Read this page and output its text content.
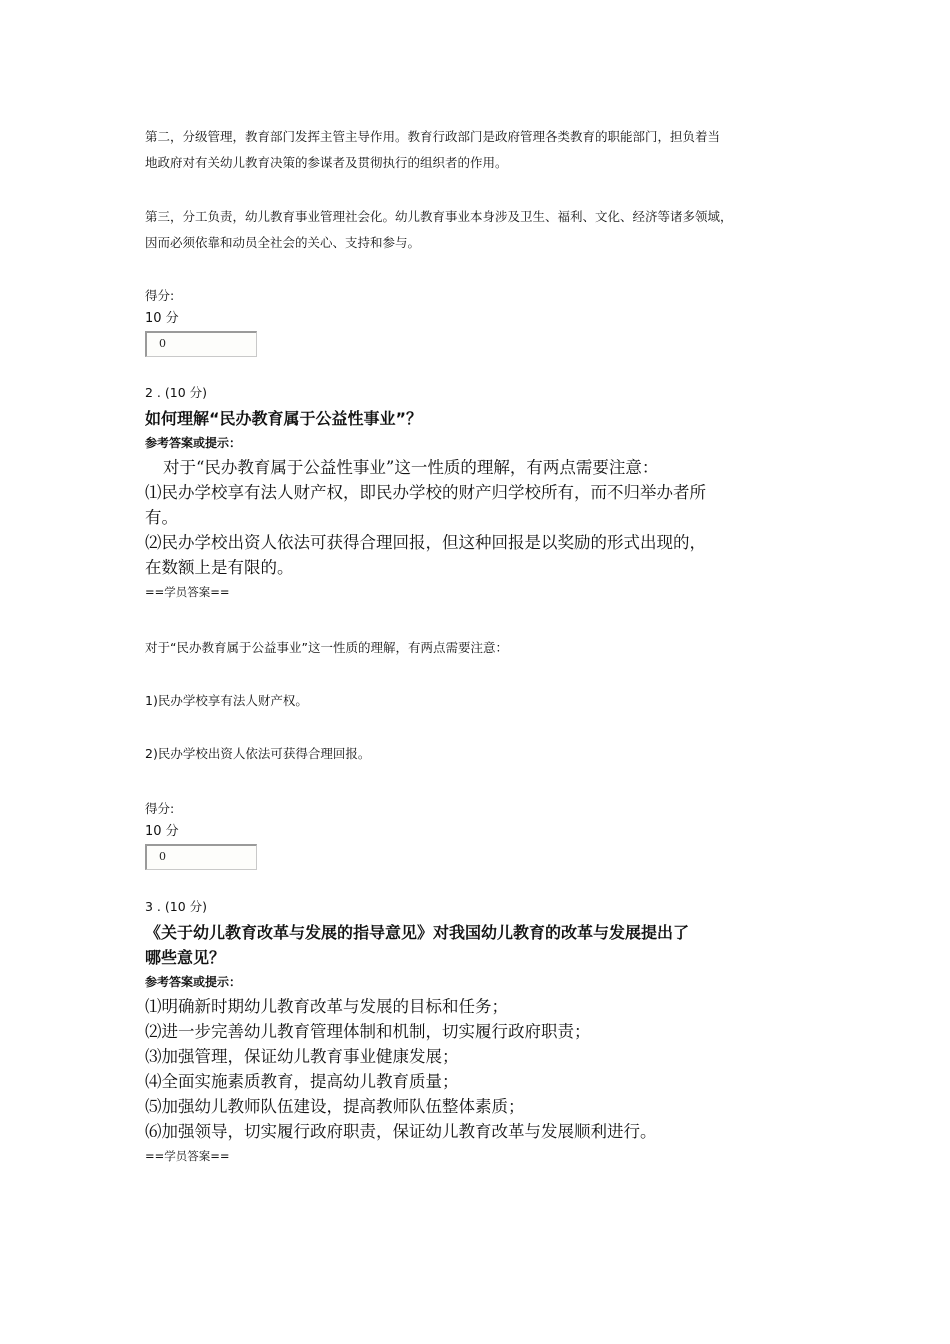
第二，分级管理，教育部门发挥主管主导作用。教育行政部门是政府管理各类教育的职能部门，担负着当
地政府对有关幼儿教育决策的参谋者及贯彻执行的组织者的作用。
第三，分工负责，幼儿教育事业管理社会化。幼儿教育事业本身涉及卫生、福利、文化、经济等诸多领域，
因而必须依靠和动员全社会的关心、支持和参与。
得分:
10 分
0
2 . (10 分)
如何理解“民办教育属于公益性事业”？
参考答案或提示：
对于“民办教育属于公益性事业”这一性质的理解，有两点需要注意：
⑴民办学校享有法人财产权，即民办学校的财产归学校所有，而不归举办者所
有。
⑵民办学校出资人依法可获得合理回报，但这种回报是以奖励的形式出现的，
在数额上是有限的。
==学员答案==
对于“民办教育属于公益事业”这一性质的理解，有两点需要注意：
1)民办学校享有法人财产权。
2)民办学校出资人依法可获得合理回报。
得分:
10 分
0
3 . (10 分)
《关于幼儿教育改革与发展的指导意见》对我国幼儿教育的改革与发展提出了
哪些意见？
参考答案或提示：
⑴明确新时期幼儿教育改革与发展的目标和任务；
⑵进一步完善幼儿教育管理体制和机制，切实履行政府职责；
⑶加强管理，保证幼儿教育事业健康发展；
⑷全面实施素质教育，提高幼儿教育质量；
⑸加强幼儿教师队伍建设，提高教师队伍整体素质；
⑹加强领导，切实履行政府职责，保证幼儿教育改革与发展顺利进行。
==学员答案==
